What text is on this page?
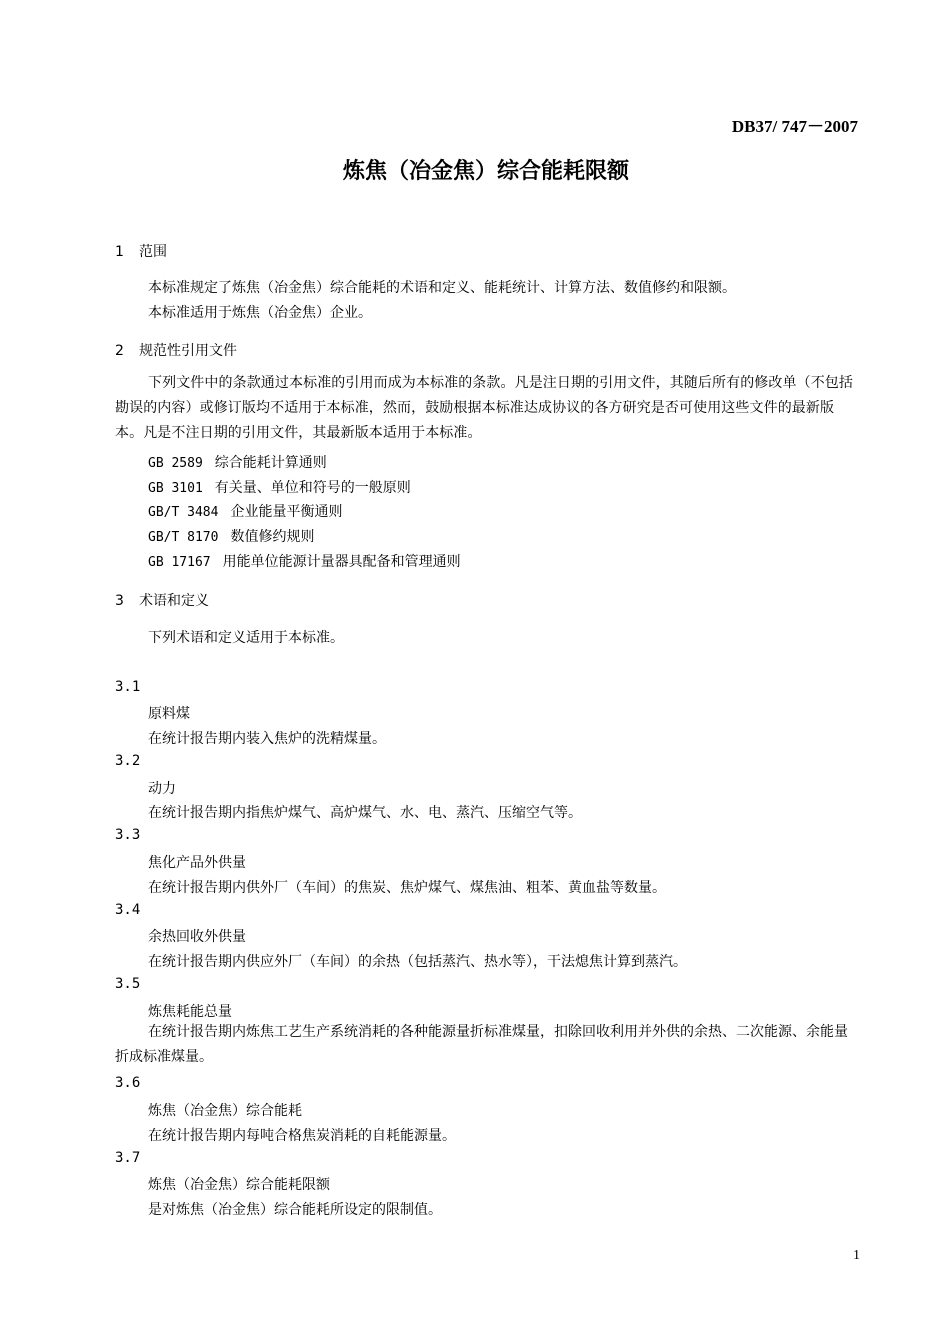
DB37/ 747－2007
炼焦（冶金焦）综合能耗限额
1 范围
本标准规定了炼焦（冶金焦）综合能耗的术语和定义、能耗统计、计算方法、数值修约和限额。
本标准适用于炼焦（冶金焦）企业。
2 规范性引用文件
下列文件中的条款通过本标准的引用而成为本标准的条款。凡是注日期的引用文件，其随后所有的修改单（不包括勘误的内容）或修订版均不适用于本标准，然而，鼓励根据本标准达成协议的各方研究是否可使用这些文件的最新版本。凡是不注日期的引用文件，其最新版本适用于本标准。
GB 2589 综合能耗计算通则
GB 3101 有关量、单位和符号的一般原则
GB/T 3484 企业能量平衡通则
GB/T 8170 数值修约规则
GB 17167 用能单位能源计量器具配备和管理通则
3 术语和定义
下列术语和定义适用于本标准。
3.1
原料煤
在统计报告期内装入焦炉的洗精煤量。
3.2
动力
在统计报告期内指焦炉煤气、高炉煤气、水、电、蒸汽、压缩空气等。
3.3
焦化产品外供量
在统计报告期内供外厂（车间）的焦炭、焦炉煤气、煤焦油、粗苯、黄血盐等数量。
3.4
余热回收外供量
在统计报告期内供应外厂（车间）的余热（包括蒸汽、热水等），干法熄焦计算到蒸汽。
3.5
炼焦耗能总量
在统计报告期内炼焦工艺生产系统消耗的各种能源量折标准煤量，扣除回收利用并外供的余热、二次能源、余能量折成标准煤量。
3.6
炼焦（冶金焦）综合能耗
在统计报告期内每吨合格焦炭消耗的自耗能源量。
3.7
炼焦（冶金焦）综合能耗限额
是对炼焦（冶金焦）综合能耗所设定的限制值。
1
